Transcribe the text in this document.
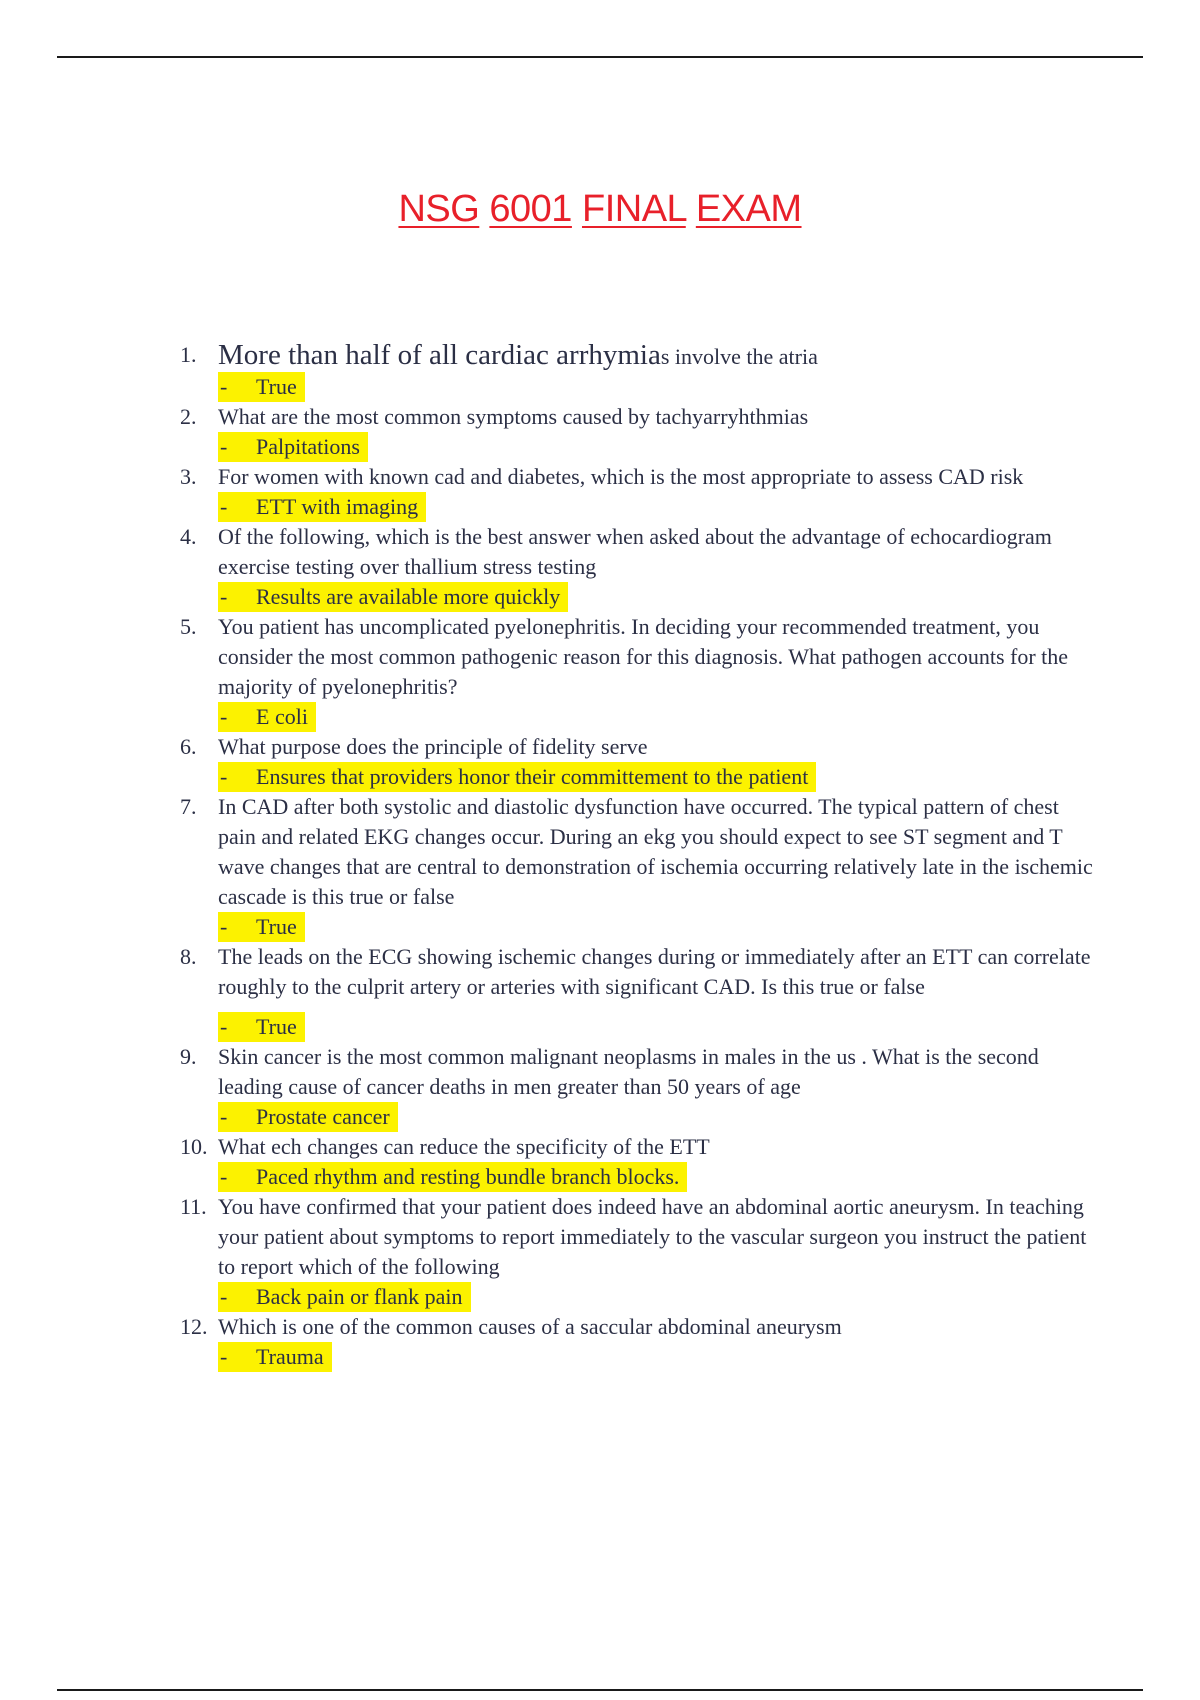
NSG 6001 FINAL EXAM
1. More than half of all cardiac arrhymias involve the atria
- True
2. What are the most common symptoms caused by tachyarryhthmias
- Palpitations
3. For women with known cad and diabetes, which is the most appropriate to assess CAD risk
- ETT with imaging
4. Of the following, which is the best answer when asked about the advantage of echocardiogram exercise testing over thallium stress testing
- Results are available more quickly
5. You patient has uncomplicated pyelonephritis. In deciding your recommended treatment, you consider the most common pathogenic reason for this diagnosis. What pathogen accounts for the majority of pyelonephritis?
- E coli
6. What purpose does the principle of fidelity serve
- Ensures that providers honor their committement to the patient
7. In CAD after both systolic and diastolic dysfunction have occurred. The typical pattern of chest pain and related EKG changes occur. During an ekg you should expect to see ST segment and T wave changes that are central to demonstration of ischemia occurring relatively late in the ischemic cascade is this true or false
- True
8. The leads on the ECG showing ischemic changes during or immediately after an ETT can correlate roughly to the culprit artery or arteries with significant CAD. Is this true or false
- True
9. Skin cancer is the most common malignant neoplasms in males in the us . What is the second leading cause of cancer deaths in men greater than 50 years of age
- Prostate cancer
10. What ech changes can reduce the specificity of the ETT
- Paced rhythm and resting bundle branch blocks.
11. You have confirmed that your patient does indeed have an abdominal aortic aneurysm. In teaching your patient about symptoms to report immediately to the vascular surgeon you instruct the patient to report which of the following
- Back pain or flank pain
12. Which is one of the common causes of a saccular abdominal aneurysm
- Trauma
